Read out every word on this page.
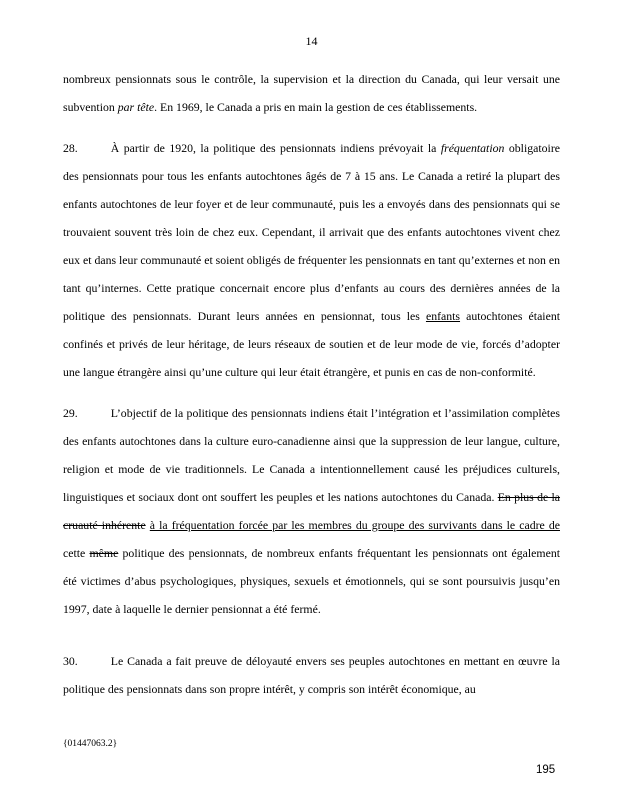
14

nombreux pensionnats sous le contrôle, la supervision et la direction du Canada, qui leur versait une subvention par tête. En 1969, le Canada a pris en main la gestion de ces établissements.

28.	À partir de 1920, la politique des pensionnats indiens prévoyait la fréquentation obligatoire des pensionnats pour tous les enfants autochtones âgés de 7 à 15 ans. Le Canada a retiré la plupart des enfants autochtones de leur foyer et de leur communauté, puis les a envoyés dans des pensionnats qui se trouvaient souvent très loin de chez eux. Cependant, il arrivait que des enfants autochtones vivent chez eux et dans leur communauté et soient obligés de fréquenter les pensionnats en tant qu’externes et non en tant qu’internes. Cette pratique concernait encore plus d’enfants au cours des dernières années de la politique des pensionnats. Durant leurs années en pensionnat, tous les enfants autochtones étaient confinés et privés de leur héritage, de leurs réseaux de soutien et de leur mode de vie, forcés d’adopter une langue étrangère ainsi qu’une culture qui leur était étrangère, et punis en cas de non-conformité.

29.	L’objectif de la politique des pensionnats indiens était l’intégration et l’assimilation complètes des enfants autochtones dans la culture euro-canadienne ainsi que la suppression de leur langue, culture, religion et mode de vie traditionnels. Le Canada a intentionnellement causé les préjudices culturels, linguistiques et sociaux dont ont souffert les peuples et les nations autochtones du Canada. En plus de la cruauté inhérente à la fréquentation forcée par les membres du groupe des survivants dans le cadre de cette même politique des pensionnats, de nombreux enfants fréquentant les pensionnats ont également été victimes d’abus psychologiques, physiques, sexuels et émotionnels, qui se sont poursuivis jusqu’en 1997, date à laquelle le dernier pensionnat a été fermé.

30.	Le Canada a fait preuve de déloyauté envers ses peuples autochtones en mettant en œuvre la politique des pensionnats dans son propre intérêt, y compris son intérêt économique, au

{01447063.2}
195
